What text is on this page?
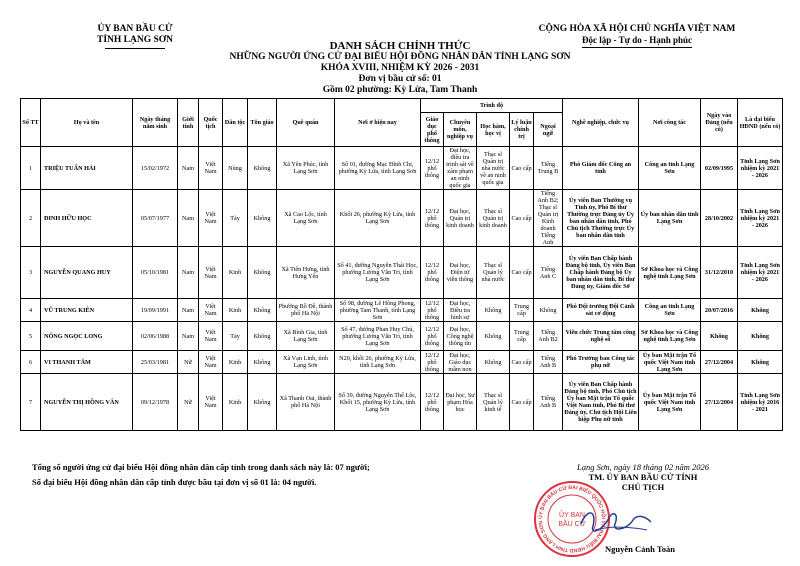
ỦY BAN BẦU CỬ
TỈNH LẠNG SƠN
CỘNG HÒA XÃ HỘI CHỦ NGHĨA VIỆT NAM
Độc lập - Tự do - Hạnh phúc
DANH SÁCH CHÍNH THỨC
NHỮNG NGƯỜI ỨNG CỬ ĐẠI BIỂU HỘI ĐỒNG NHÂN DÂN TỈNH LẠNG SƠN
KHÓA XVIII, NHIỆM KỲ 2026 - 2031
Đơn vị bầu cử số: 01
Gồm 02 phường: Kỳ Lừa, Tam Thanh
Số TT	Họ và tên	Ngày tháng năm sinh	Giới tính	Quốc tịch	Dân tộc	Tôn giáo	Quê quán	Nơi ở hiện nay	Trình độ					Nghề nghiệp, chức vụ	Nơi công tác	Ngày vào Đảng (nếu có)	Là đại biểu HĐND (nếu có)
									Giáo dục phổ thông	Chuyên môn, nghiệp vụ	Học hàm, học vị	Lý luận chính trị	Ngoại ngữ				
1	TRIỆU TUẤN HẢI	15/02/1972	Nam	Việt Nam	Nùng	Không	Xã Yên Phúc, tỉnh Lạng Sơn	Số 01, đường Mạc Đĩnh Chi, phường Kỳ Lừa, tỉnh Lạng Sơn	12/12 phổ thông	Đại học, điều tra trinh sát về xâm phạm an ninh quốc gia	Thạc sĩ Quản trị nhà nước về an ninh quốc gia	Cao cấp	Tiếng Trung B	Phó Giám đốc Công an tỉnh	Công an tỉnh Lạng Sơn	02/09/1995	Tỉnh Lạng Sơn nhiệm kỳ 2021 - 2026
2	ĐINH HỮU HỌC	05/07/1977	Nam	Việt Nam	Tày	Không	Xã Cao Lộc, tỉnh Lạng Sơn	Khối 26, phường Kỳ Lừa, tỉnh Lạng Sơn	12/12 phổ thông	Đại học, Quản trị kinh doanh	Thạc sĩ Quản trị kinh doanh	Cao cấp	Tiếng Anh B2; Thạc sĩ Quản trị Kinh doanh Tiếng Anh	Ủy viên Ban Thường vụ Tỉnh ủy, Phó Bí thư Thường trực Đảng ủy Ủy ban nhân dân tỉnh, Phó Chủ tịch Thường trực Ủy ban nhân dân tỉnh	Ủy ban nhân dân tỉnh Lạng Sơn	28/10/2002	Tỉnh Lạng Sơn nhiệm kỳ 2021 - 2026
3	NGUYỄN QUANG HUY	05/10/1981	Nam	Việt Nam	Kinh	Không	Xã Tiên Hưng, tỉnh Hưng Yên	Số 41, đường Nguyễn Thái Học, phường Lương Văn Tri, tỉnh Lạng Sơn	12/12 phổ thông	Đại học, Điện tử viễn thông	Thạc sĩ Quản lý nhà nước	Cao cấp	Tiếng Anh C	Ủy viên Ban Chấp hành Đảng bộ tỉnh, Ủy viên Ban Chấp hành Đảng bộ Ủy ban nhân dân tỉnh, Bí thư Đảng ủy, Giám đốc Sở	Sở Khoa học và Công nghệ tỉnh Lạng Sơn	31/12/2010	Tỉnh Lạng Sơn nhiệm kỳ 2021 - 2026
4	VŨ TRUNG KIÊN	19/09/1991	Nam	Việt Nam	Kinh	Không	Phường Bồ Đề, thành phố Hà Nội	Số 98, đường Lê Hồng Phong, phường Tam Thanh, tỉnh Lạng Sơn	12/12 phổ thông	Đại học, Điều tra hình sự	Không	Trung cấp	Không	Phó Đội trưởng Đội Cảnh sát cơ động	Công an tỉnh Lạng Sơn	20/07/2016	Không
5	NÔNG NGỌC LONG	02/06/1988	Nam	Việt Nam	Tày	Không	Xã Bình Gia, tỉnh Lạng Sơn	Số 47, đường Phan Huy Chú, phường Lương Văn Tri, tỉnh Lạng Sơn	12/12 phổ thông	Đại học, Công nghệ thông tin	Không	Trung cấp	Tiếng Anh B2	Viên chức Trung tâm công nghệ số	Sở Khoa học và Công nghệ tỉnh Lạng Sơn	Không	Không
6	VI THANH TÂM	25/03/1981	Nữ	Việt Nam	Kinh	Không	Xã Vạn Linh, tỉnh Lạng Sơn	N20, khối 26, phường Kỳ Lừa, tỉnh Lạng Sơn	12/12 phổ thông	Đại học, Giáo dục mầm non	Không	Cao cấp	Tiếng Anh B	Phó Trưởng ban Công tác phụ nữ	Ủy ban Mặt trận Tổ quốc Việt Nam tỉnh Lạng Sơn	27/12/2004	Không
7	NGUYỄN THỊ HỒNG VÂN	09/12/1978	Nữ	Việt Nam	Kinh	Không	Xã Thanh Oai, thành phố Hà Nội	Số 39, đường Nguyễn Thế Lộc, Khối 15, phường Kỳ Lừa, tỉnh Lạng Sơn	12/12 phổ thông	Đại học, Sư phạm Hóa học	Thạc sĩ Quản lý kinh tế	Cao cấp	Tiếng Anh B	Ủy viên Ban Chấp hành Đảng bộ tỉnh, Phó Chủ tịch Ủy ban Mặt trận Tổ quốc Việt Nam tỉnh, Phó Bí thư Đảng ủy, Chủ tịch Hội Liên hiệp Phụ nữ tỉnh	Ủy ban Mặt trận Tổ quốc Việt Nam tỉnh Lạng Sơn	27/12/2004	Tỉnh Lạng Sơn nhiệm kỳ 2016 - 2021
Tổng số người ứng cử đại biểu Hội đồng nhân dân cấp tỉnh trong danh sách này là: 07 người;
Số đại biểu Hội đồng nhân dân cấp tỉnh được bầu tại đơn vị số 01 là: 04 người.
Lạng Sơn, ngày 18 tháng 02 năm 2026
TM. ỦY BAN BẦU CỬ TỈNH
CHỦ TỊCH
ỦY BAN BẦU CỬ ĐẠI BIỂU QUỐC HỘI VÀ ĐẠI BIỂU HĐND TỈNH LẠNG SƠN
ỦY BAN
BẦU CỬ
Nguyễn Cảnh Toàn
